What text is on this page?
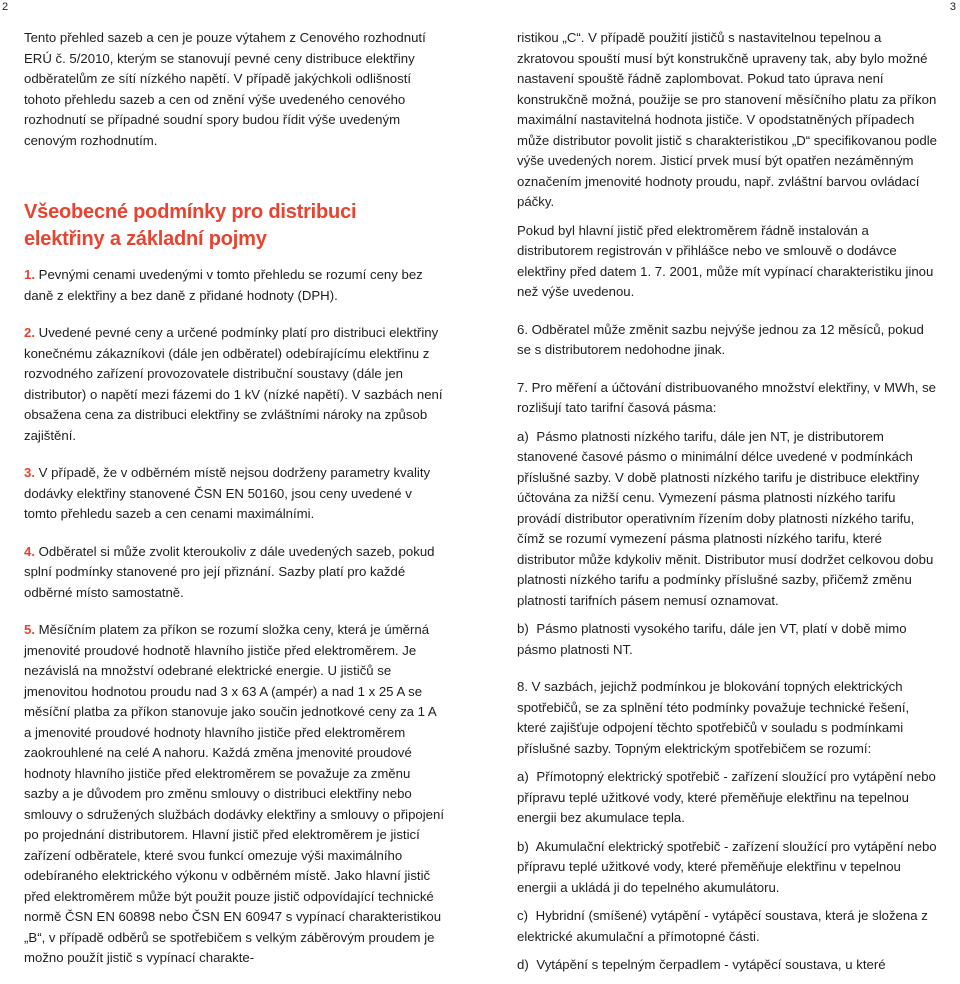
2	3

Tento přehled sazeb a cen je pouze výtahem z Cenového rozhodnutí ERÚ č. 5/2010, kterým se stanovují pevné ceny distribuce elektřiny odběratelům ze sítí nízkého napětí. V případě jakýchkoli odlišností tohoto přehledu sazeb a cen od znění výše uvedeného cenového rozhodnutí se případné soudní spory budou řídit výše uvedeným cenovým rozhodnutím.

Všeobecné podmínky pro distribuci
elektřiny a základní pojmy

1. Pevnými cenami uvedenými v tomto přehledu se rozumí ceny bez daně z elektřiny a bez daně z přidané hodnoty (DPH).

2. Uvedené pevné ceny a určené podmínky platí pro distribuci elektřiny konečnému zákazníkovi (dále jen odběratel) odebírajícímu elektřinu z rozvodného zařízení provozovatele distribuční soustavy (dále jen distributor) o napětí mezi fázemi do 1 kV (nízké napětí). V sazbách není obsažena cena za distribuci elektřiny se zvláštními nároky na způsob zajištění.

3. V případě, že v odběrném místě nejsou dodrženy parametry kvality dodávky elektřiny stanovené ČSN EN 50160, jsou ceny uvedené v tomto přehledu sazeb a cen cenami maximálními.

4. Odběratel si může zvolit kteroukoliv z dále uvedených sazeb, pokud splní podmínky stanovené pro její přiznání. Sazby platí pro každé odběrné místo samostatně.

5. Měsíčním platem za příkon se rozumí složka ceny, která je úměrná jmenovité proudové hodnotě hlavního jističe před elektroměrem. Je nezávislá na množství odebrané elektrické energie. U jističů se jmenovitou hodnotou proudu nad 3 x 63 A (ampér) a nad 1 x 25 A se měsíční platba za příkon stanovuje jako součin jednotkové ceny za 1 A a jmenovité proudové hodnoty hlavního jističe před elektroměrem zaokrouhlené na celé A nahoru. Každá změna jmenovité proudové hodnoty hlavního jističe před elektroměrem se považuje za změnu sazby a je důvodem pro změnu smlouvy o distribuci elektřiny nebo smlouvy o sdružených službách dodávky elektřiny a smlouvy o připojení po projednání distributorem. Hlavní jistič před elektroměrem je jisticí zařízení odběratele, které svou funkcí omezuje výši maximálního odebíraného elektrického výkonu v odběrném místě. Jako hlavní jistič před elektroměrem může být použit pouze jistič odpovídající technické normě ČSN EN 60898 nebo ČSN EN 60947 s vypínací charakteristikou „B“, v případě odběrů se spotřebičem s velkým záběrovým proudem je možno použít jistič s vypínací charakte-

ristikou „C“. V případě použití jističů s nastavitelnou tepelnou a zkratovou spouští musí být konstrukčně upraveny tak, aby bylo možné nastavení spouště řádně zaplombovat. Pokud tato úprava není konstrukčně možná, použije se pro stanovení měsíčního platu za příkon maximální nastavitelná hodnota jističe. V opodstatněných případech může distributor povolit jistič s charakteristikou „D“ specifikovanou podle výše uvedených norem. Jisticí prvek musí být opatřen nezáměnným označením jmenovité hodnoty proudu, např. zvláštní barvou ovládací páčky.

Pokud byl hlavní jistič před elektroměrem řádně instalován a distributorem registrován v přihlášce nebo ve smlouvě o dodávce elektřiny před datem 1. 7. 2001, může mít vypínací charakteristiku jinou než výše uvedenou.

6. Odběratel může změnit sazbu nejvýše jednou za 12 měsíců, pokud se s distributorem nedohodne jinak.

7. Pro měření a účtování distribuovaného množství elektřiny, v MWh, se rozlišují tato tarifní časová pásma:

a) Pásmo platnosti nízkého tarifu, dále jen NT, je distributorem stanovené časové pásmo o minimální délce uvedené v podmínkách příslušné sazby. V době platnosti nízkého tarifu je distribuce elektřiny účtována za nižší cenu. Vymezení pásma platnosti nízkého tarifu provádí distributor operativním řízením doby platnosti nízkého tarifu, čímž se rozumí vymezení pásma platnosti nízkého tarifu, které distributor může kdykoliv měnit. Distributor musí dodržet celkovou dobu platnosti nízkého tarifu a podmínky příslušné sazby, přičemž změnu platnosti tarifních pásem nemusí oznamovat.

b) Pásmo platnosti vysokého tarifu, dále jen VT, platí v době mimo pásmo platnosti NT.

8. V sazbách, jejichž podmínkou je blokování topných elektrických spotřebičů, se za splnění této podmínky považuje technické řešení, které zajišťuje odpojení těchto spotřebičů v souladu s podmínkami příslušné sazby. Topným elektrickým spotřebičem se rozumí:

a) Přímotopný elektrický spotřebič - zařízení sloužící pro vytápění nebo přípravu teplé užitkové vody, které přeměňuje elektřinu na tepelnou energii bez akumulace tepla.

b) Akumulační elektrický spotřebič - zařízení sloužící pro vytápění nebo přípravu teplé užitkové vody, které přeměňuje elektřinu v tepelnou energii a ukládá ji do tepelného akumulátoru.

c) Hybridní (smíšené) vytápění - vytápěcí soustava, která je složena z elektrické akumulační a přímotopné části.

d) Vytápění s tepelným čerpadlem - vytápěcí soustava, u které
